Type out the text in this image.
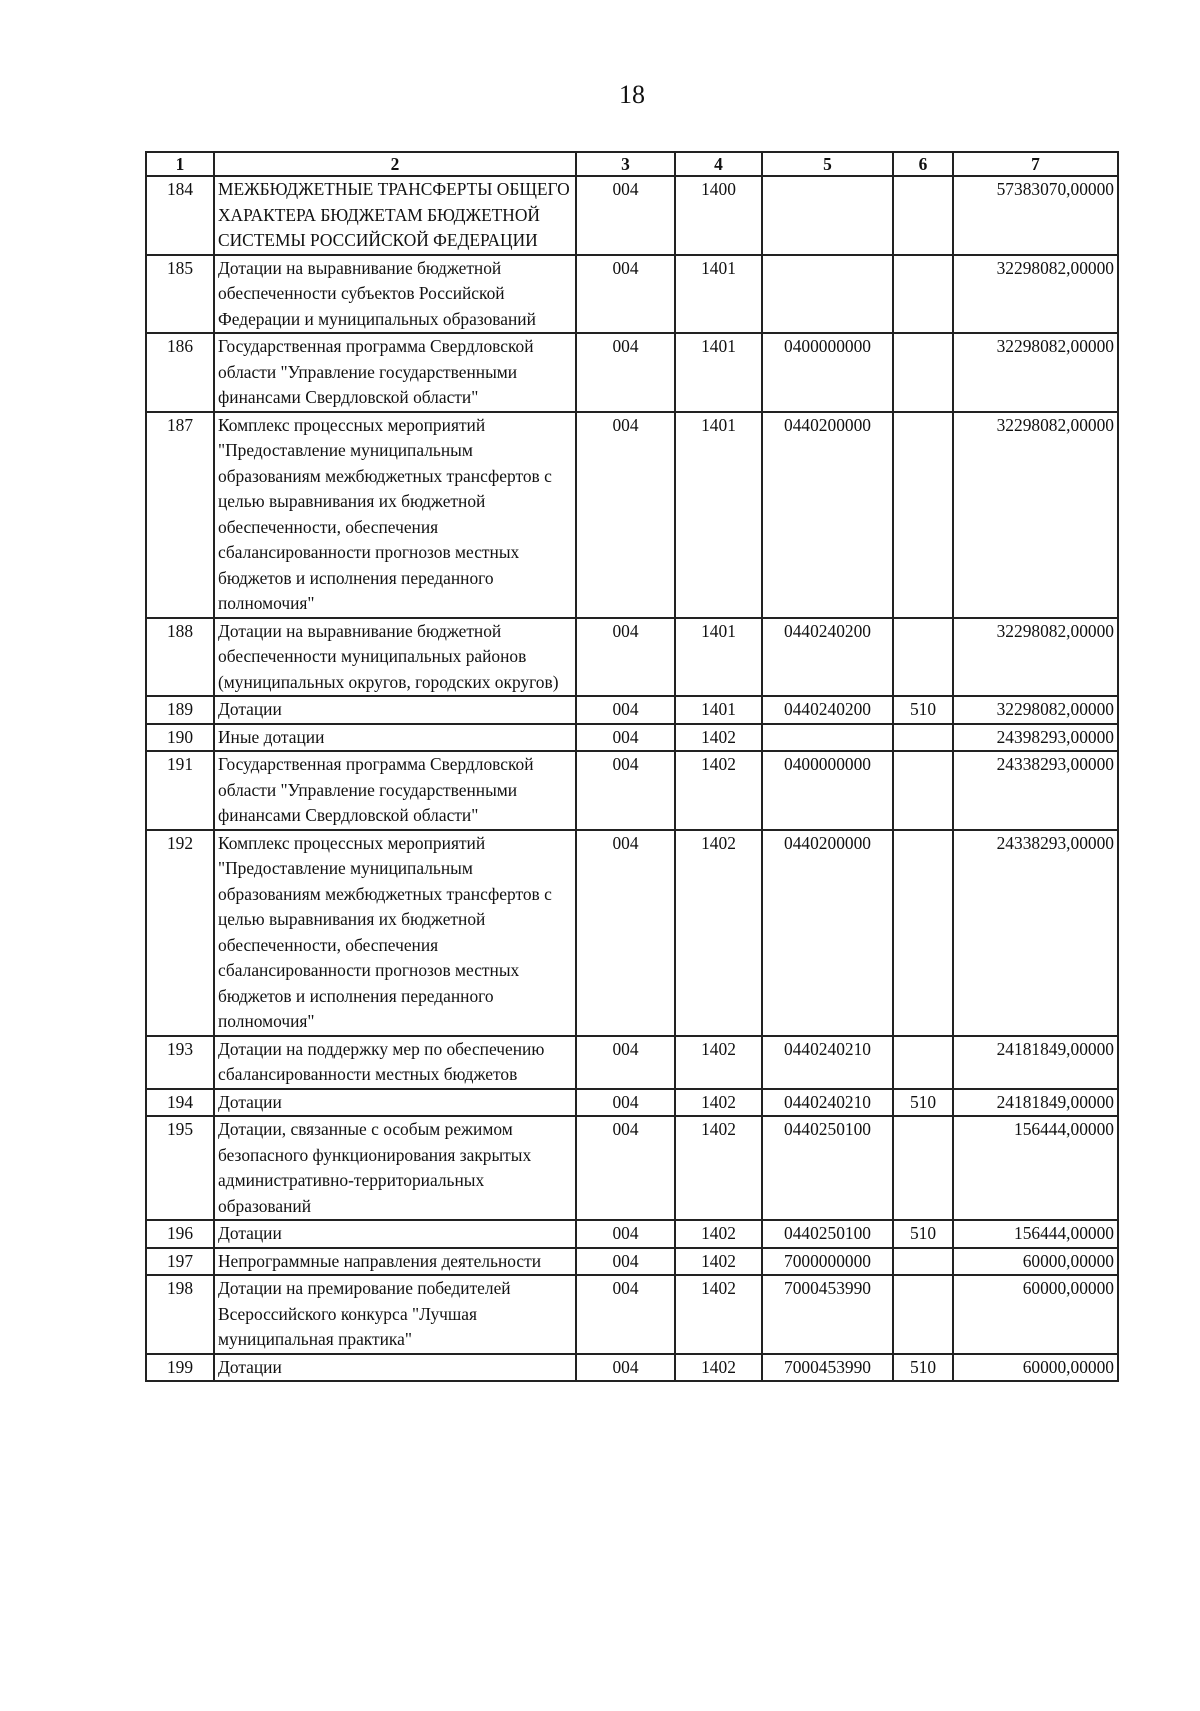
18
1	2	3	4	5	6	7
184	МЕЖБЮДЖЕТНЫЕ ТРАНСФЕРТЫ ОБЩЕГО ХАРАКТЕРА БЮДЖЕТАМ БЮДЖЕТНОЙ СИСТЕМЫ РОССИЙСКОЙ ФЕДЕРАЦИИ	004	1400			57383070,00000
185	Дотации на выравнивание бюджетной обеспеченности субъектов Российской Федерации и муниципальных образований	004	1401			32298082,00000
186	Государственная программа Свердловской области "Управление государственными финансами Свердловской области"	004	1401	0400000000		32298082,00000
187	Комплекс процессных мероприятий "Предоставление муниципальным образованиям межбюджетных трансфертов с целью выравнивания их бюджетной обеспеченности, обеспечения сбалансированности прогнозов местных бюджетов и исполнения переданного полномочия"	004	1401	0440200000		32298082,00000
188	Дотации на выравнивание бюджетной обеспеченности муниципальных районов (муниципальных округов, городских округов)	004	1401	0440240200		32298082,00000
189	Дотации	004	1401	0440240200	510	32298082,00000
190	Иные дотации	004	1402			24398293,00000
191	Государственная программа Свердловской области "Управление государственными финансами Свердловской области"	004	1402	0400000000		24338293,00000
192	Комплекс процессных мероприятий "Предоставление муниципальным образованиям межбюджетных трансфертов с целью выравнивания их бюджетной обеспеченности, обеспечения сбалансированности прогнозов местных бюджетов и исполнения переданного полномочия"	004	1402	0440200000		24338293,00000
193	Дотации на поддержку мер по обеспечению сбалансированности местных бюджетов	004	1402	0440240210		24181849,00000
194	Дотации	004	1402	0440240210	510	24181849,00000
195	Дотации, связанные с особым режимом безопасного функционирования закрытых административно-территориальных образований	004	1402	0440250100		156444,00000
196	Дотации	004	1402	0440250100	510	156444,00000
197	Непрограммные направления деятельности	004	1402	7000000000		60000,00000
198	Дотации на премирование победителей Всероссийского конкурса "Лучшая муниципальная практика"	004	1402	7000453990		60000,00000
199	Дотации	004	1402	7000453990	510	60000,00000
